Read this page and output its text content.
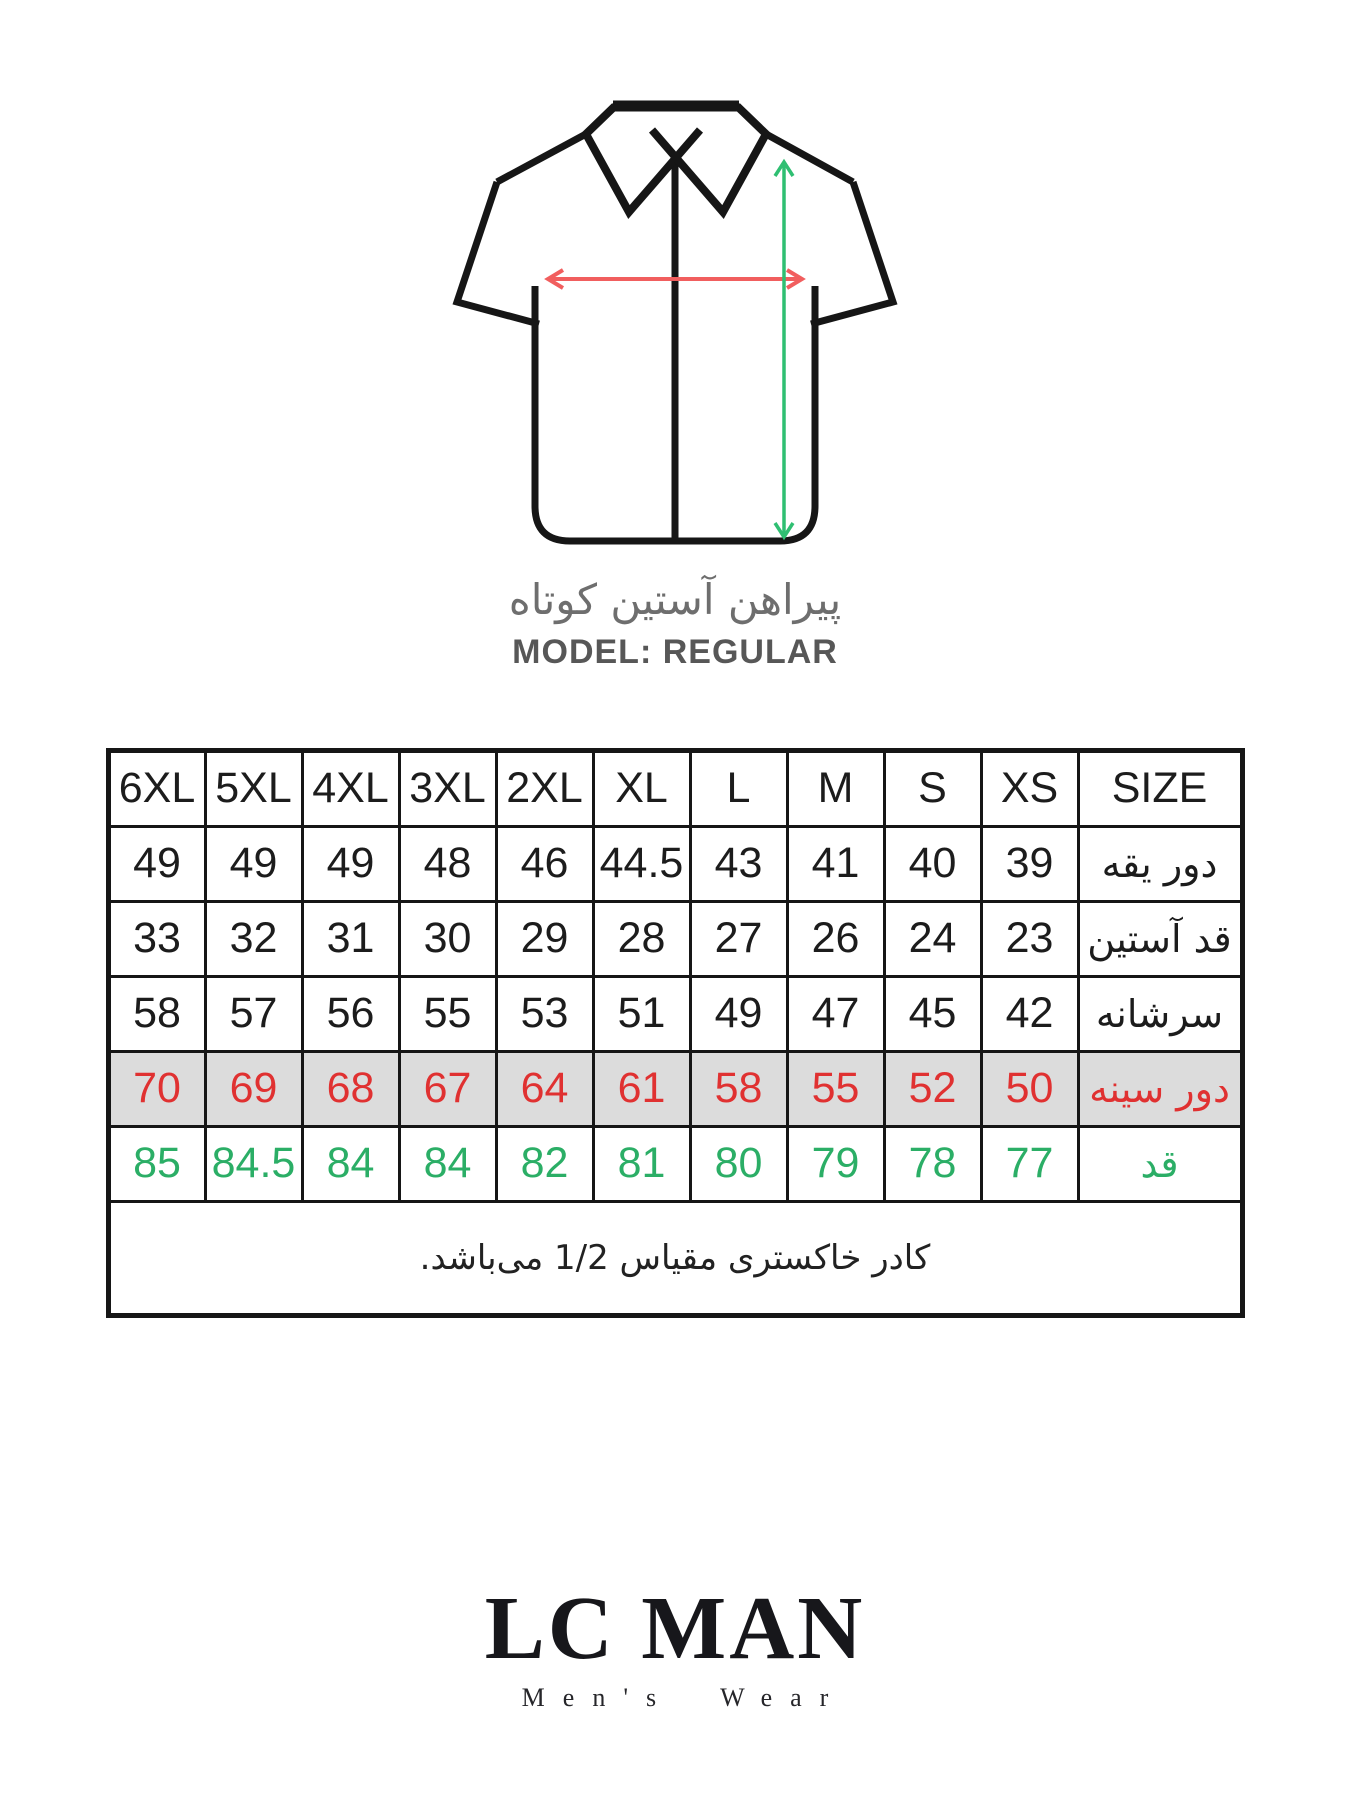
پیراهن آستین کوتاه
MODEL: REGULAR
6XL	5XL	4XL	3XL	2XL	XL	L	M	S	XS	SIZE
49	49	49	48	46	44.5	43	41	40	39	دور یقه
33	32	31	30	29	28	27	26	24	23	قد آستین
58	57	56	55	53	51	49	47	45	42	سرشانه
70	69	68	67	64	61	58	55	52	50	دور سینه
85	84.5	84	84	82	81	80	79	78	77	قد
کادر خاکستری مقیاس 1/2 می‌باشد.										
LC MAN
Men's Wear
